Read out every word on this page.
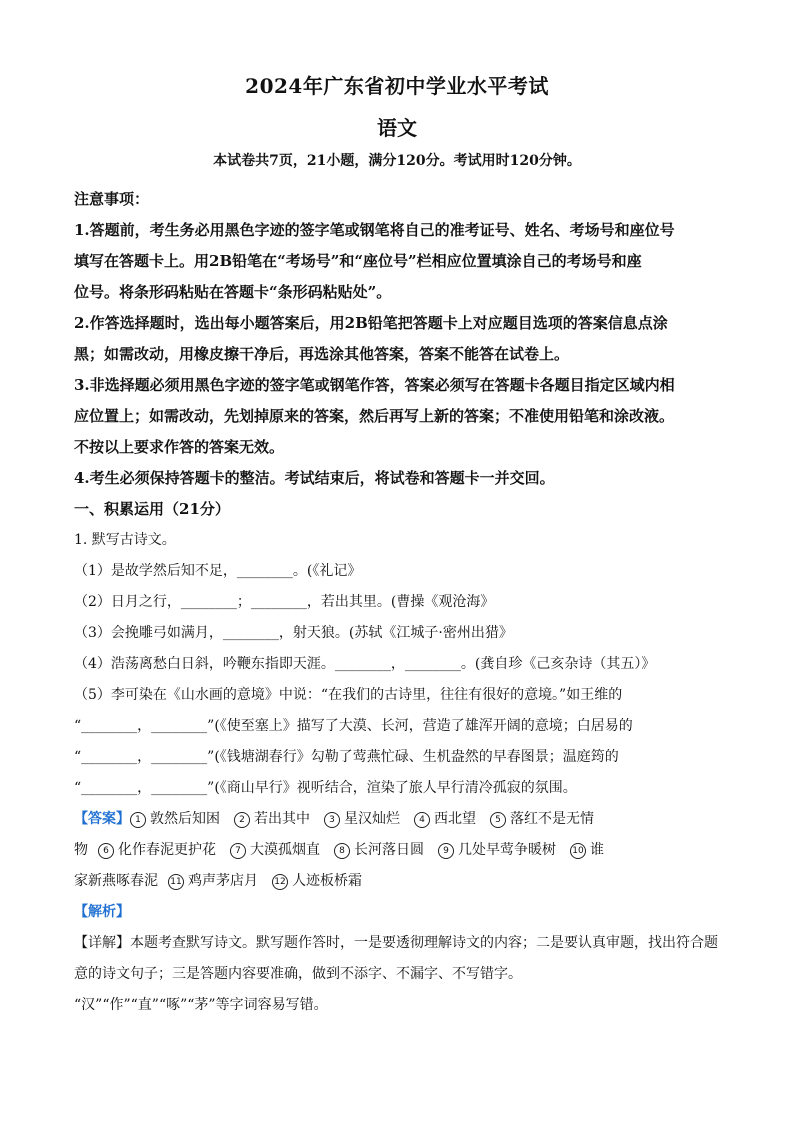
2024年广东省初中学业水平考试
语文
本试卷共7页，21小题，满分120分。考试用时120分钟。
注意事项：
1.答题前，考生务必用黑色字迹的签字笔或钢笔将自己的准考证号、姓名、考场号和座位号
填写在答题卡上。用2B铅笔在“考场号”和“座位号”栏相应位置填涂自己的考场号和座
位号。将条形码粘贴在答题卡“条形码粘贴处”。
2.作答选择题时，选出每小题答案后，用2B铅笔把答题卡上对应题目选项的答案信息点涂
黑；如需改动，用橡皮擦干净后，再选涂其他答案，答案不能答在试卷上。
3.非选择题必须用黑色字迹的签字笔或钢笔作答，答案必须写在答题卡各题目指定区域内相
应位置上；如需改动，先划掉原来的答案，然后再写上新的答案；不准使用铅笔和涂改液。
不按以上要求作答的答案无效。
4.考生必须保持答题卡的整洁。考试结束后，将试卷和答题卡一并交回。
一、积累运用（21分）
1. 默写古诗文。
（1）是故学然后知不足，________。(《礼记》
（2）日月之行，________；________，若出其里。(曹操《观沧海》
（3）会挽雕弓如满月，________，射天狼。(苏轼《江城子·密州出猎》
（4）浩荡离愁白日斜，吟鞭东指即天涯。________，________。(龚自珍《己亥杂诗（其五）》
（5）李可染在《山水画的意境》中说：“在我们的古诗里，往往有很好的意境。”如王维的
“________，________”(《使至塞上》描写了大漠、长河，营造了雄浑开阔的意境；白居易的
“________，________”(《钱塘湖春行》勾勒了莺燕忙碌、生机盎然的早春图景；温庭筠的
“________，________”(《商山早行》视听结合，渲染了旅人早行清冷孤寂的氛围。
【答案】 1 敦然后知困	2 若出其中	3 星汉灿烂	4 西北望	5 落红不是无情
物	6 化作春泥更护花	7 大漠孤烟直	8 长河落日圆	9 几处早莺争暖树 10 谁
家新燕啄春泥 11 鸡声茅店月 12 人迹板桥霜
【解析】
【详解】本题考查默写诗文。默写题作答时，一是要透彻理解诗文的内容；二是要认真审题，找出符合题
意的诗文句子；三是答题内容要准确，做到不添字、不漏字、不写错字。
“汉”“作”“直”“啄”“茅”等字词容易写错。
